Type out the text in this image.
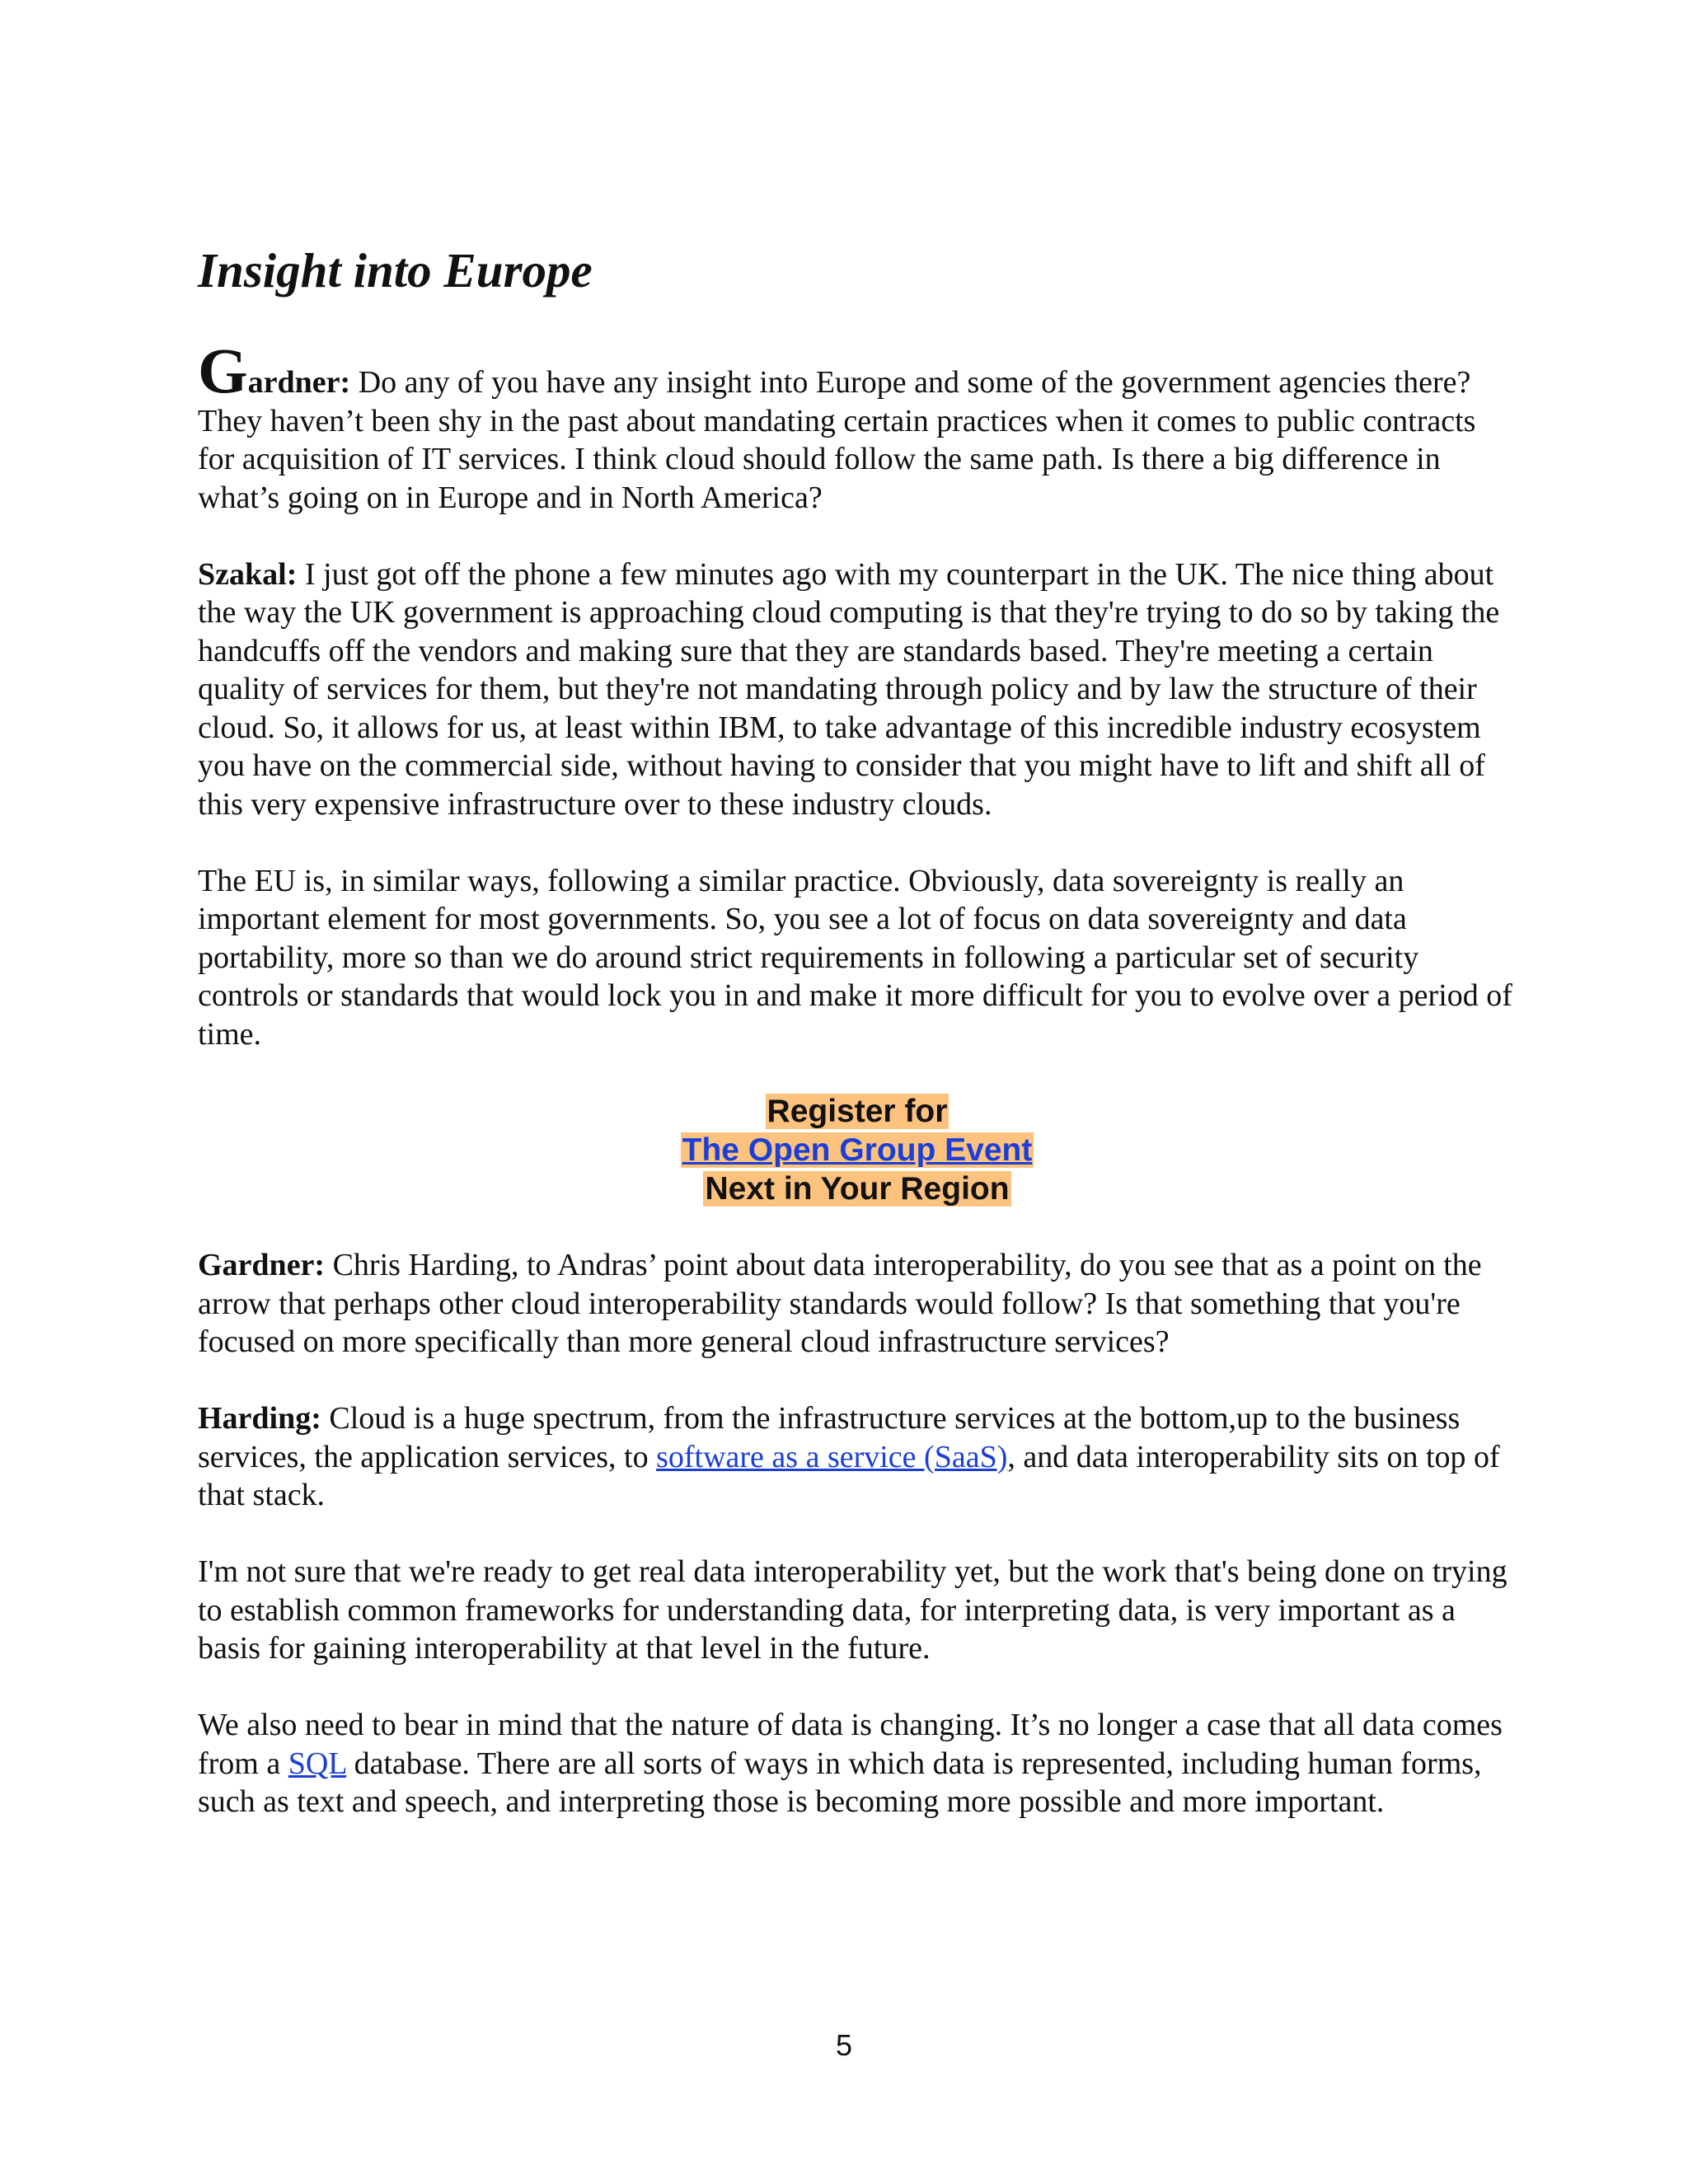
Insight into Europe

Gardner: Do any of you have any insight into Europe and some of the government agencies there? They haven’t been shy in the past about mandating certain practices when it comes to public contracts for acquisition of IT services. I think cloud should follow the same path. Is there a big difference in what’s going on in Europe and in North America?

Szakal: I just got off the phone a few minutes ago with my counterpart in the UK. The nice thing about the way the UK government is approaching cloud computing is that they're trying to do so by taking the handcuffs off the vendors and making sure that they are standards based. They're meeting a certain quality of services for them, but they're not mandating through policy and by law the structure of their cloud. So, it allows for us, at least within IBM, to take advantage of this incredible industry ecosystem you have on the commercial side, without having to consider that you might have to lift and shift all of this very expensive infrastructure over to these industry clouds.

The EU is, in similar ways, following a similar practice. Obviously, data sovereignty is really an important element for most governments. So, you see a lot of focus on data sovereignty and data portability, more so than we do around strict requirements in following a particular set of security controls or standards that would lock you in and make it more difficult for you to evolve over a period of time.

Register for
The Open Group Event
Next in Your Region

Gardner: Chris Harding, to Andras’ point about data interoperability, do you see that as a point on the arrow that perhaps other cloud interoperability standards would follow? Is that something that you're focused on more specifically than more general cloud infrastructure services?

Harding: Cloud is a huge spectrum, from the infrastructure services at the bottom,up to the business services, the application services, to software as a service (SaaS), and data interoperability sits on top of that stack.

I'm not sure that we're ready to get real data interoperability yet, but the work that's being done on trying to establish common frameworks for understanding data, for interpreting data, is very important as a basis for gaining interoperability at that level in the future.

We also need to bear in mind that the nature of data is changing. It’s no longer a case that all data comes from a SQL database. There are all sorts of ways in which data is represented, including human forms, such as text and speech, and interpreting those is becoming more possible and more important.

5
